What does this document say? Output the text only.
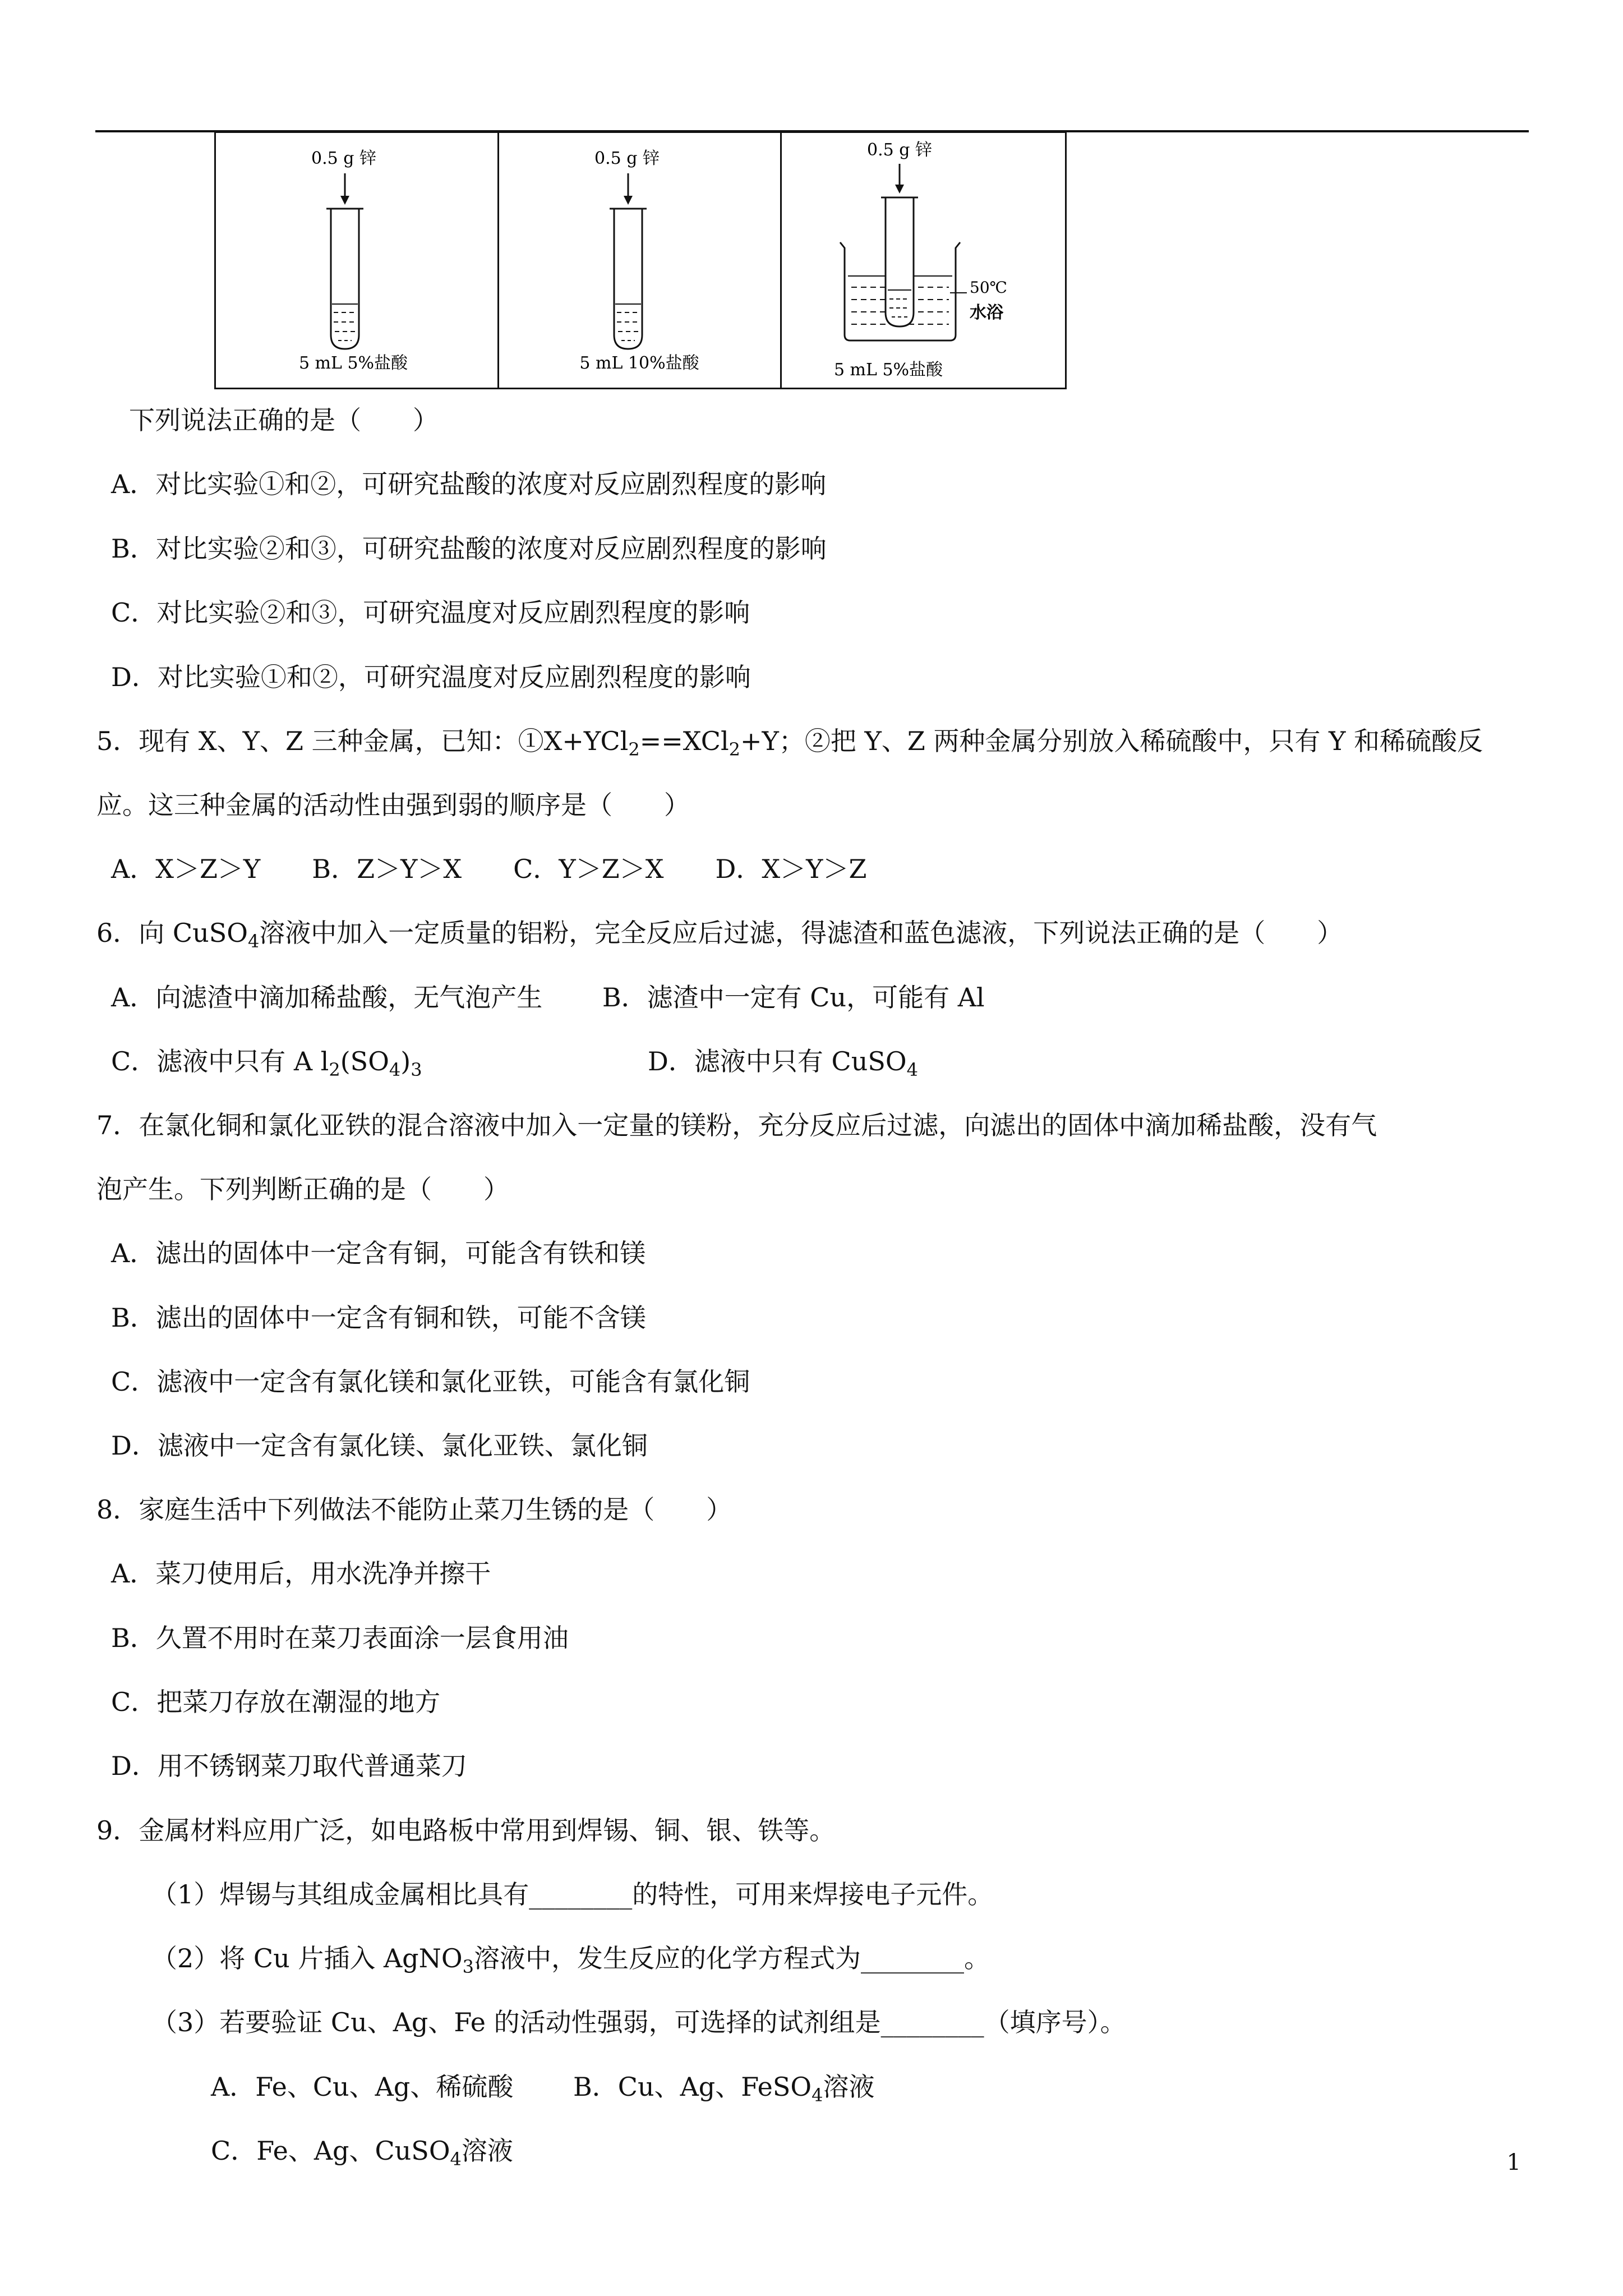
0.5 g 锌
5 mL 5%盐酸
0.5 g 锌
5 mL 10%盐酸
0.5 g 锌
50℃
水浴
5 mL 5%盐酸
下列说法正确的是（　　）
A．对比实验①和②，可研究盐酸的浓度对反应剧烈程度的影响
B．对比实验②和③，可研究盐酸的浓度对反应剧烈程度的影响
C．对比实验②和③，可研究温度对反应剧烈程度的影响
D．对比实验①和②，可研究温度对反应剧烈程度的影响
5．现有 X、Y、Z 三种金属，已知：①X+YCl$_2$==XCl$_2$+Y；②把 Y、Z 两种金属分别放入稀硫酸中，只有 Y 和稀硫酸反
应。这三种金属的活动性由强到弱的顺序是（　　）
A．X＞Z＞Y　　B．Z＞Y＞X　　C．Y＞Z＞X　　D．X＞Y＞Z
6．向 CuSO$_4$溶液中加入一定质量的铝粉，完全反应后过滤，得滤渣和蓝色滤液，下列说法正确的是（　　）
A．向滤渣中滴加稀盐酸，无气泡产生　　 B．滤渣中一定有 Cu，可能有 Al
C．滤液中只有 A $l_2(SO_4)_3$	D．滤液中只有 CuSO$_4$
7．在氯化铜和氯化亚铁的混合溶液中加入一定量的镁粉，充分反应后过滤，向滤出的固体中滴加稀盐酸，没有气
泡产生。下列判断正确的是（　　）
A．滤出的固体中一定含有铜，可能含有铁和镁
B．滤出的固体中一定含有铜和铁，可能不含镁
C．滤液中一定含有氯化镁和氯化亚铁，可能含有氯化铜
D．滤液中一定含有氯化镁、氯化亚铁、氯化铜
8．家庭生活中下列做法不能防止菜刀生锈的是（　　）
A．菜刀使用后，用水洗净并擦干
B．久置不用时在菜刀表面涂一层食用油
C．把菜刀存放在潮湿的地方
D．用不锈钢菜刀取代普通菜刀
9．金属材料应用广泛，如电路板中常用到焊锡、铜、银、铁等。
（1）焊锡与其组成金属相比具有________的特性，可用来焊接电子元件。
（2）将 Cu 片插入 AgNO$_3$溶液中，发生反应的化学方程式为________。
（3）若要验证 Cu、Ag、Fe 的活动性强弱，可选择的试剂组是________（填序号）。
A．Fe、Cu、Ag、稀硫酸　　 B．Cu、Ag、FeSO$_4$溶液
C．Fe、Ag、CuSO$_4$溶液	1
